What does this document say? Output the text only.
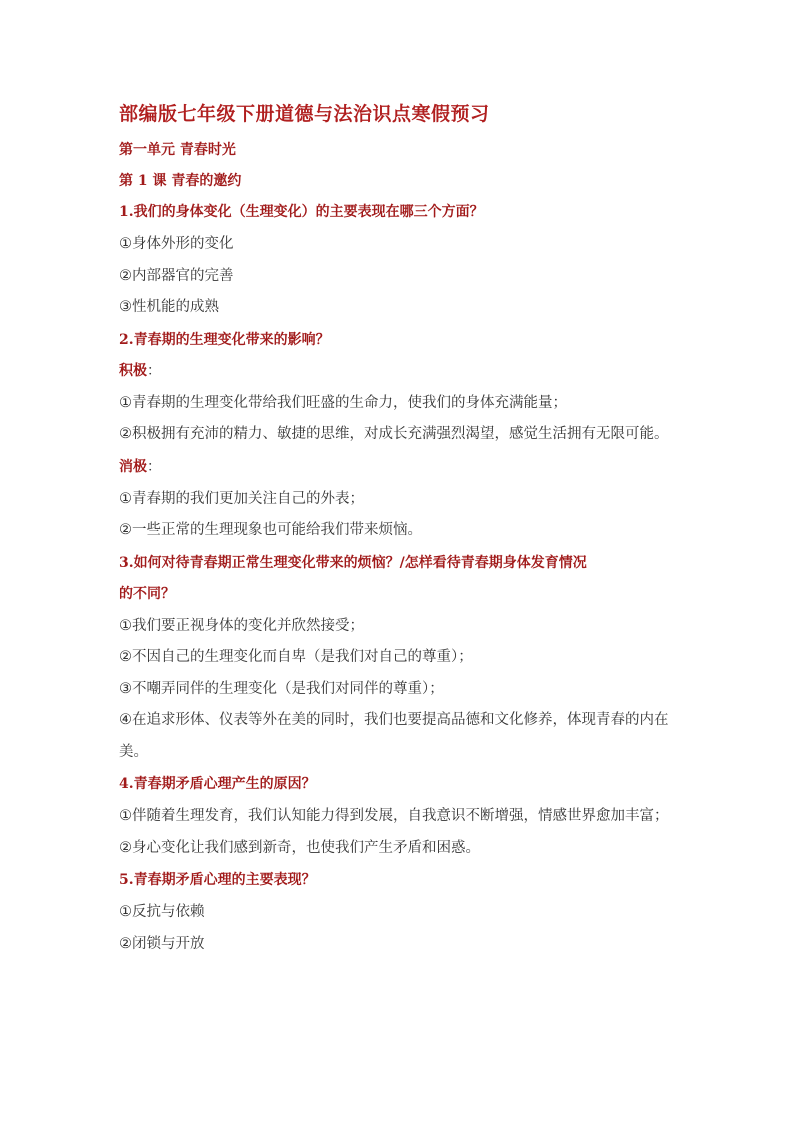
部编版七年级下册道德与法治识点寒假预习
第一单元 青春时光
第 1 课 青春的邀约
1.我们的身体变化（生理变化）的主要表现在哪三个方面？

①身体外形的变化

②内部器官的完善

③性机能的成熟

2.青春期的生理变化带来的影响？
积极：

①青春期的生理变化带给我们旺盛的生命力，使我们的身体充满能量；

②积极拥有充沛的精力、敏捷的思维，对成长充满强烈渴望，感觉生活拥有无限可能。

消极：

①青春期的我们更加关注自己的外表；

②一些正常的生理现象也可能给我们带来烦恼。

3.如何对待青春期正常生理变化带来的烦恼？/怎样看待青春期身体发育情况
的不同？

①我们要正视身体的变化并欣然接受；

②不因自己的生理变化而自卑（是我们对自己的尊重）；

③不嘲弄同伴的生理变化（是我们对同伴的尊重）；

④在追求形体、仪表等外在美的同时，我们也要提高品德和文化修养，体现青春的内在美。

4.青春期矛盾心理产生的原因？

①伴随着生理发育，我们认知能力得到发展，自我意识不断增强，情感世界愈加丰富；

②身心变化让我们感到新奇，也使我们产生矛盾和困惑。

5.青春期矛盾心理的主要表现？

①反抗与依赖

②闭锁与开放
